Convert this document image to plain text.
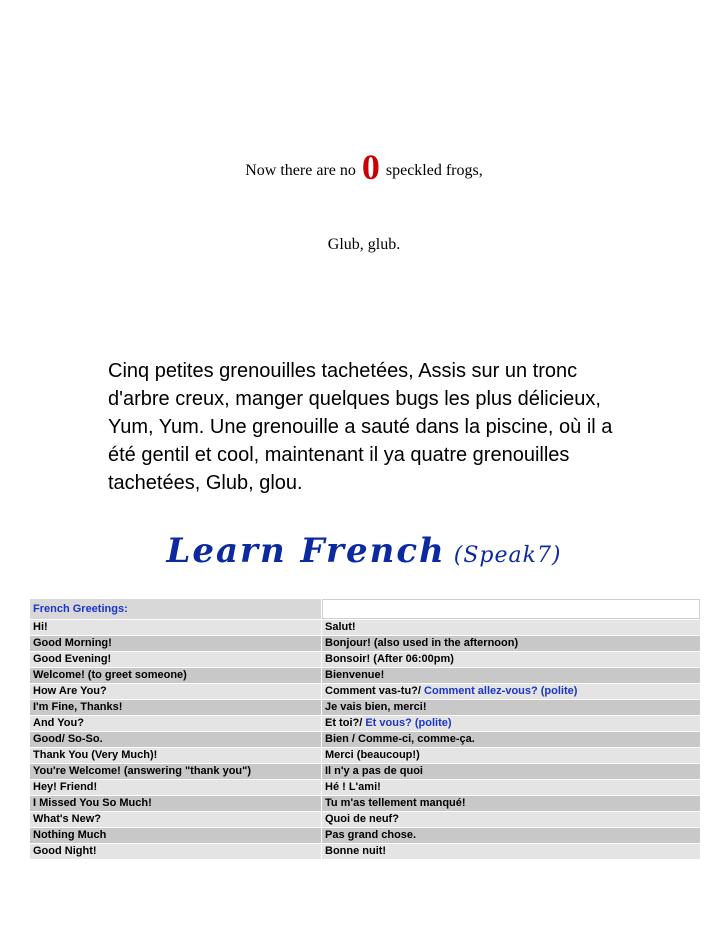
Now there are no 0 speckled frogs,
Glub, glub.
Cinq petites grenouilles tachetées, Assis sur un tronc d'arbre creux, manger quelques bugs les plus délicieux, Yum, Yum. Une grenouille a sauté dans la piscine, où il a été gentil et cool, maintenant il ya quatre grenouilles tachetées, Glub, glou.
Learn French (Speak7)
French Greetings:	
Hi!	Salut!
Good Morning!	Bonjour! (also used in the afternoon)
Good Evening!	Bonsoir! (After 06:00pm)
Welcome! (to greet someone)	Bienvenue!
How Are You?	Comment vas-tu?/ Comment allez-vous? (polite)
I'm Fine, Thanks!	Je vais bien, merci!
And You?	Et toi?/ Et vous? (polite)
Good/ So-So.	Bien / Comme-ci, comme-ça.
Thank You (Very Much)!	Merci (beaucoup!)
You're Welcome! (answering "thank you")	Il n'y a pas de quoi
Hey! Friend!	Hé ! L'ami!
I Missed You So Much!	Tu m'as tellement manqué!
What's New?	Quoi de neuf?
Nothing Much	Pas grand chose.
Good Night!	Bonne nuit!
